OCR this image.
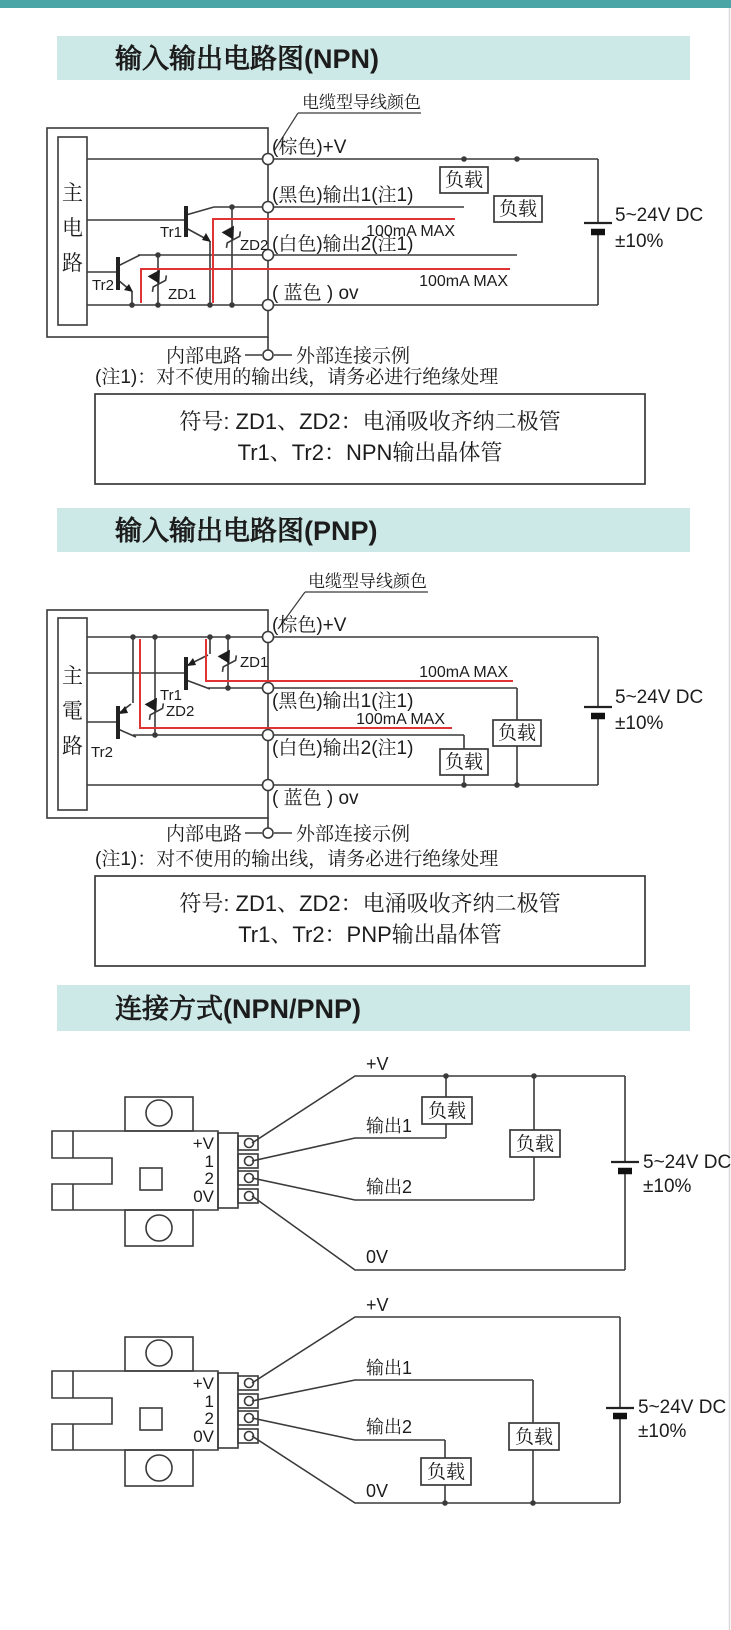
输入输出电路图(NPN)
电缆型导线颜色
主
电
路
负载
负载
Tr1
Tr2
ZD2
ZD1
(棕色)+V
(黑色)输出1(注1)
(白色)输出2(注1)
( 蓝色 ) ov
100mA MAX
100mA MAX
5~24V DC
±10%
内部电路	外部连接示例
(注1)：对不使用的输出线，请务必进行绝缘处理
符号: ZD1、ZD2：电涌吸收齐纳二极管
Tr1、Tr2：NPN输出晶体管
输入输出电路图(PNP)
电缆型导线颜色
主
電
路
负载
负载
Tr1
Tr2
ZD1
ZD2
(棕色)+V
(黑色)输出1(注1)
(白色)输出2(注1)
( 蓝色 ) ov
100mA MAX
100mA MAX
5~24V DC
±10%
内部电路	外部连接示例
(注1)：对不使用的输出线，请务必进行绝缘处理
符号: ZD1、ZD2：电涌吸收齐纳二极管
Tr1、Tr2：PNP输出晶体管
连接方式(NPN/PNP)
+V
1
2
0V
负载
负载
+V
输出1
输出2
0V
5~24V DC
±10%
+V
1
2
0V	负载
负载
+V
输出1
输出2
0V
5~24V DC
±10%
